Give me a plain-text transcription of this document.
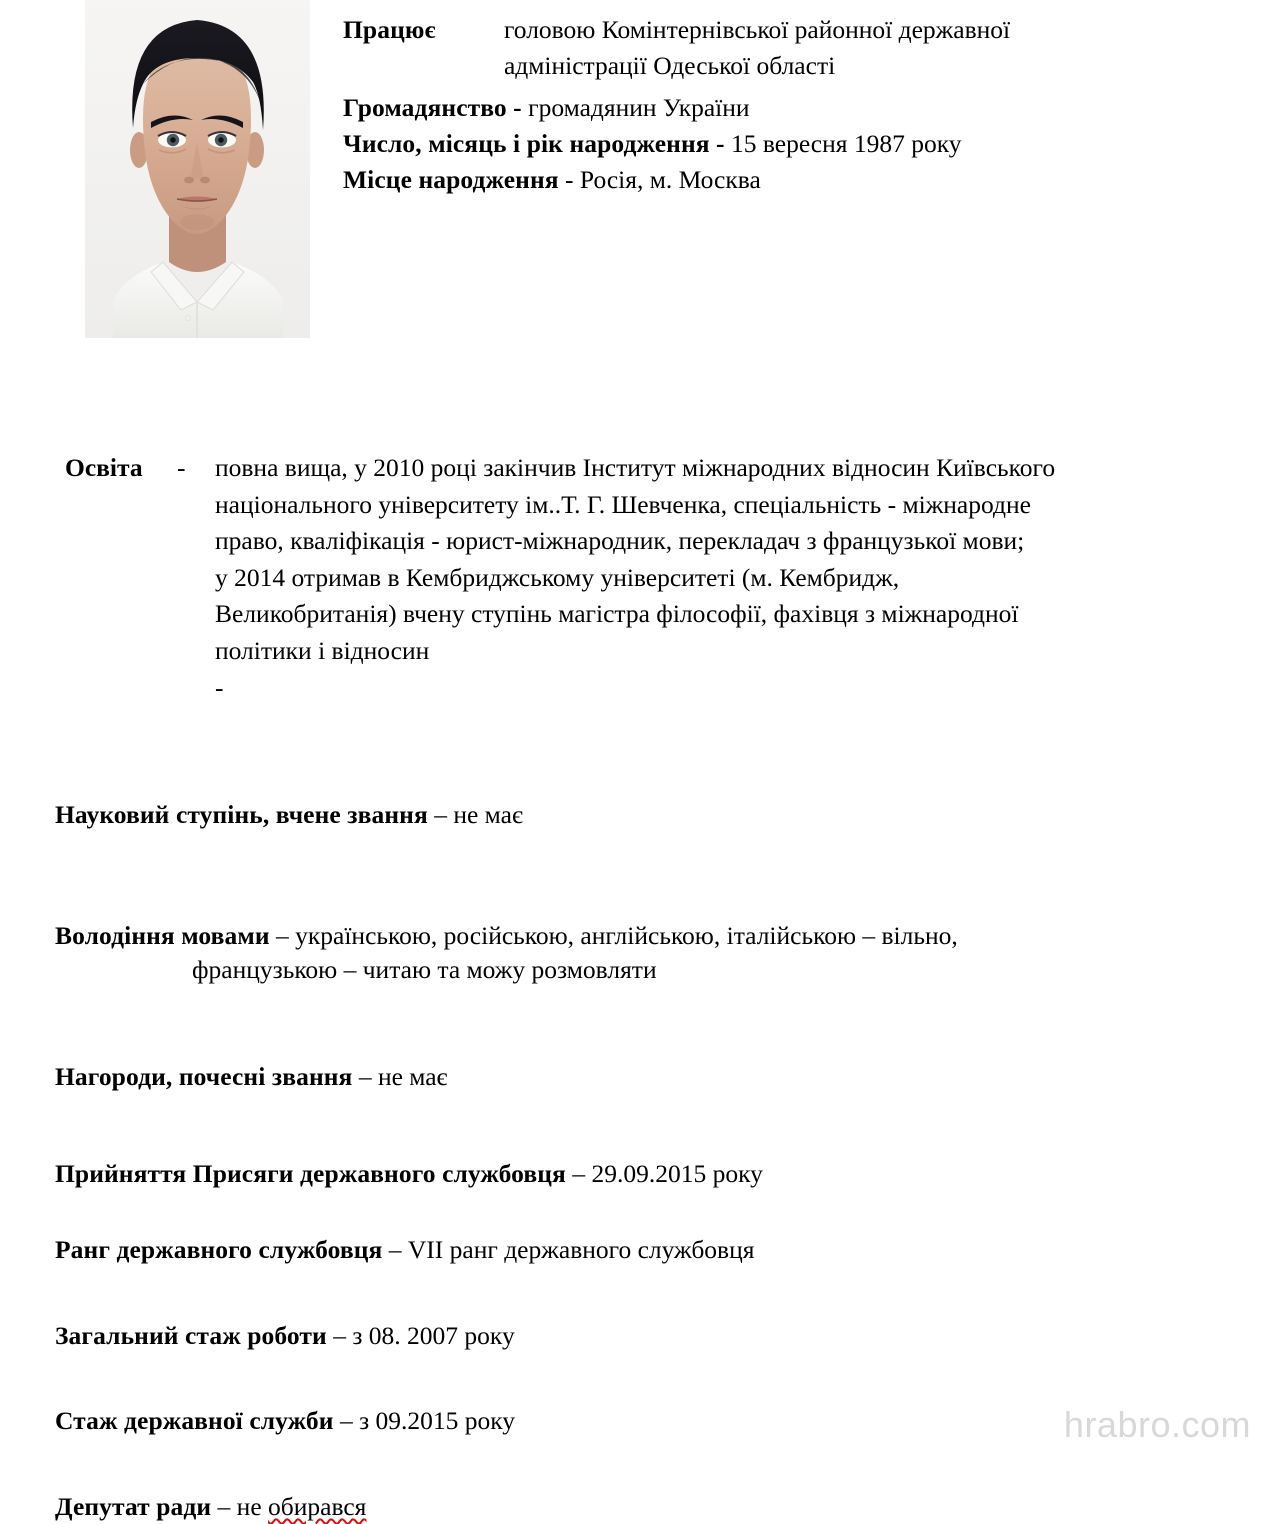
Працює	головою Комінтернівської районної державної
адміністрації Одеської області
Громадянство - громадянин України
Число, місяць і рік народження - 15 вересня 1987 року
Місце народження - Росія, м. Москва
Освіта - повна вища, у 2010 році закінчив Інститут міжнародних відносин Київського

національного університету ім..Т. Г. Шевченка, спеціальність - міжнародне

право, кваліфікація - юрист-міжнародник, перекладач з французької мови;

у 2014 отримав в Кембриджському університеті (м. Кембридж,

Великобританія) вчену ступінь магістра філософії, фахівця з міжнародної

політики і відносин

-
Науковий ступінь, вчене звання – не має
Володіння мовами – українською, російською, англійською, італійською – вільно,
французькою – читаю та можу розмовляти
Нагороди, почесні звання – не має
Прийняття Присяги державного службовця – 29.09.2015 року
Ранг державного службовця – VII ранг державного службовця
Загальний стаж роботи – з 08. 2007 року
Стаж державної служби – з 09.2015 року
Депутат ради – не обирався
hrabro.com
